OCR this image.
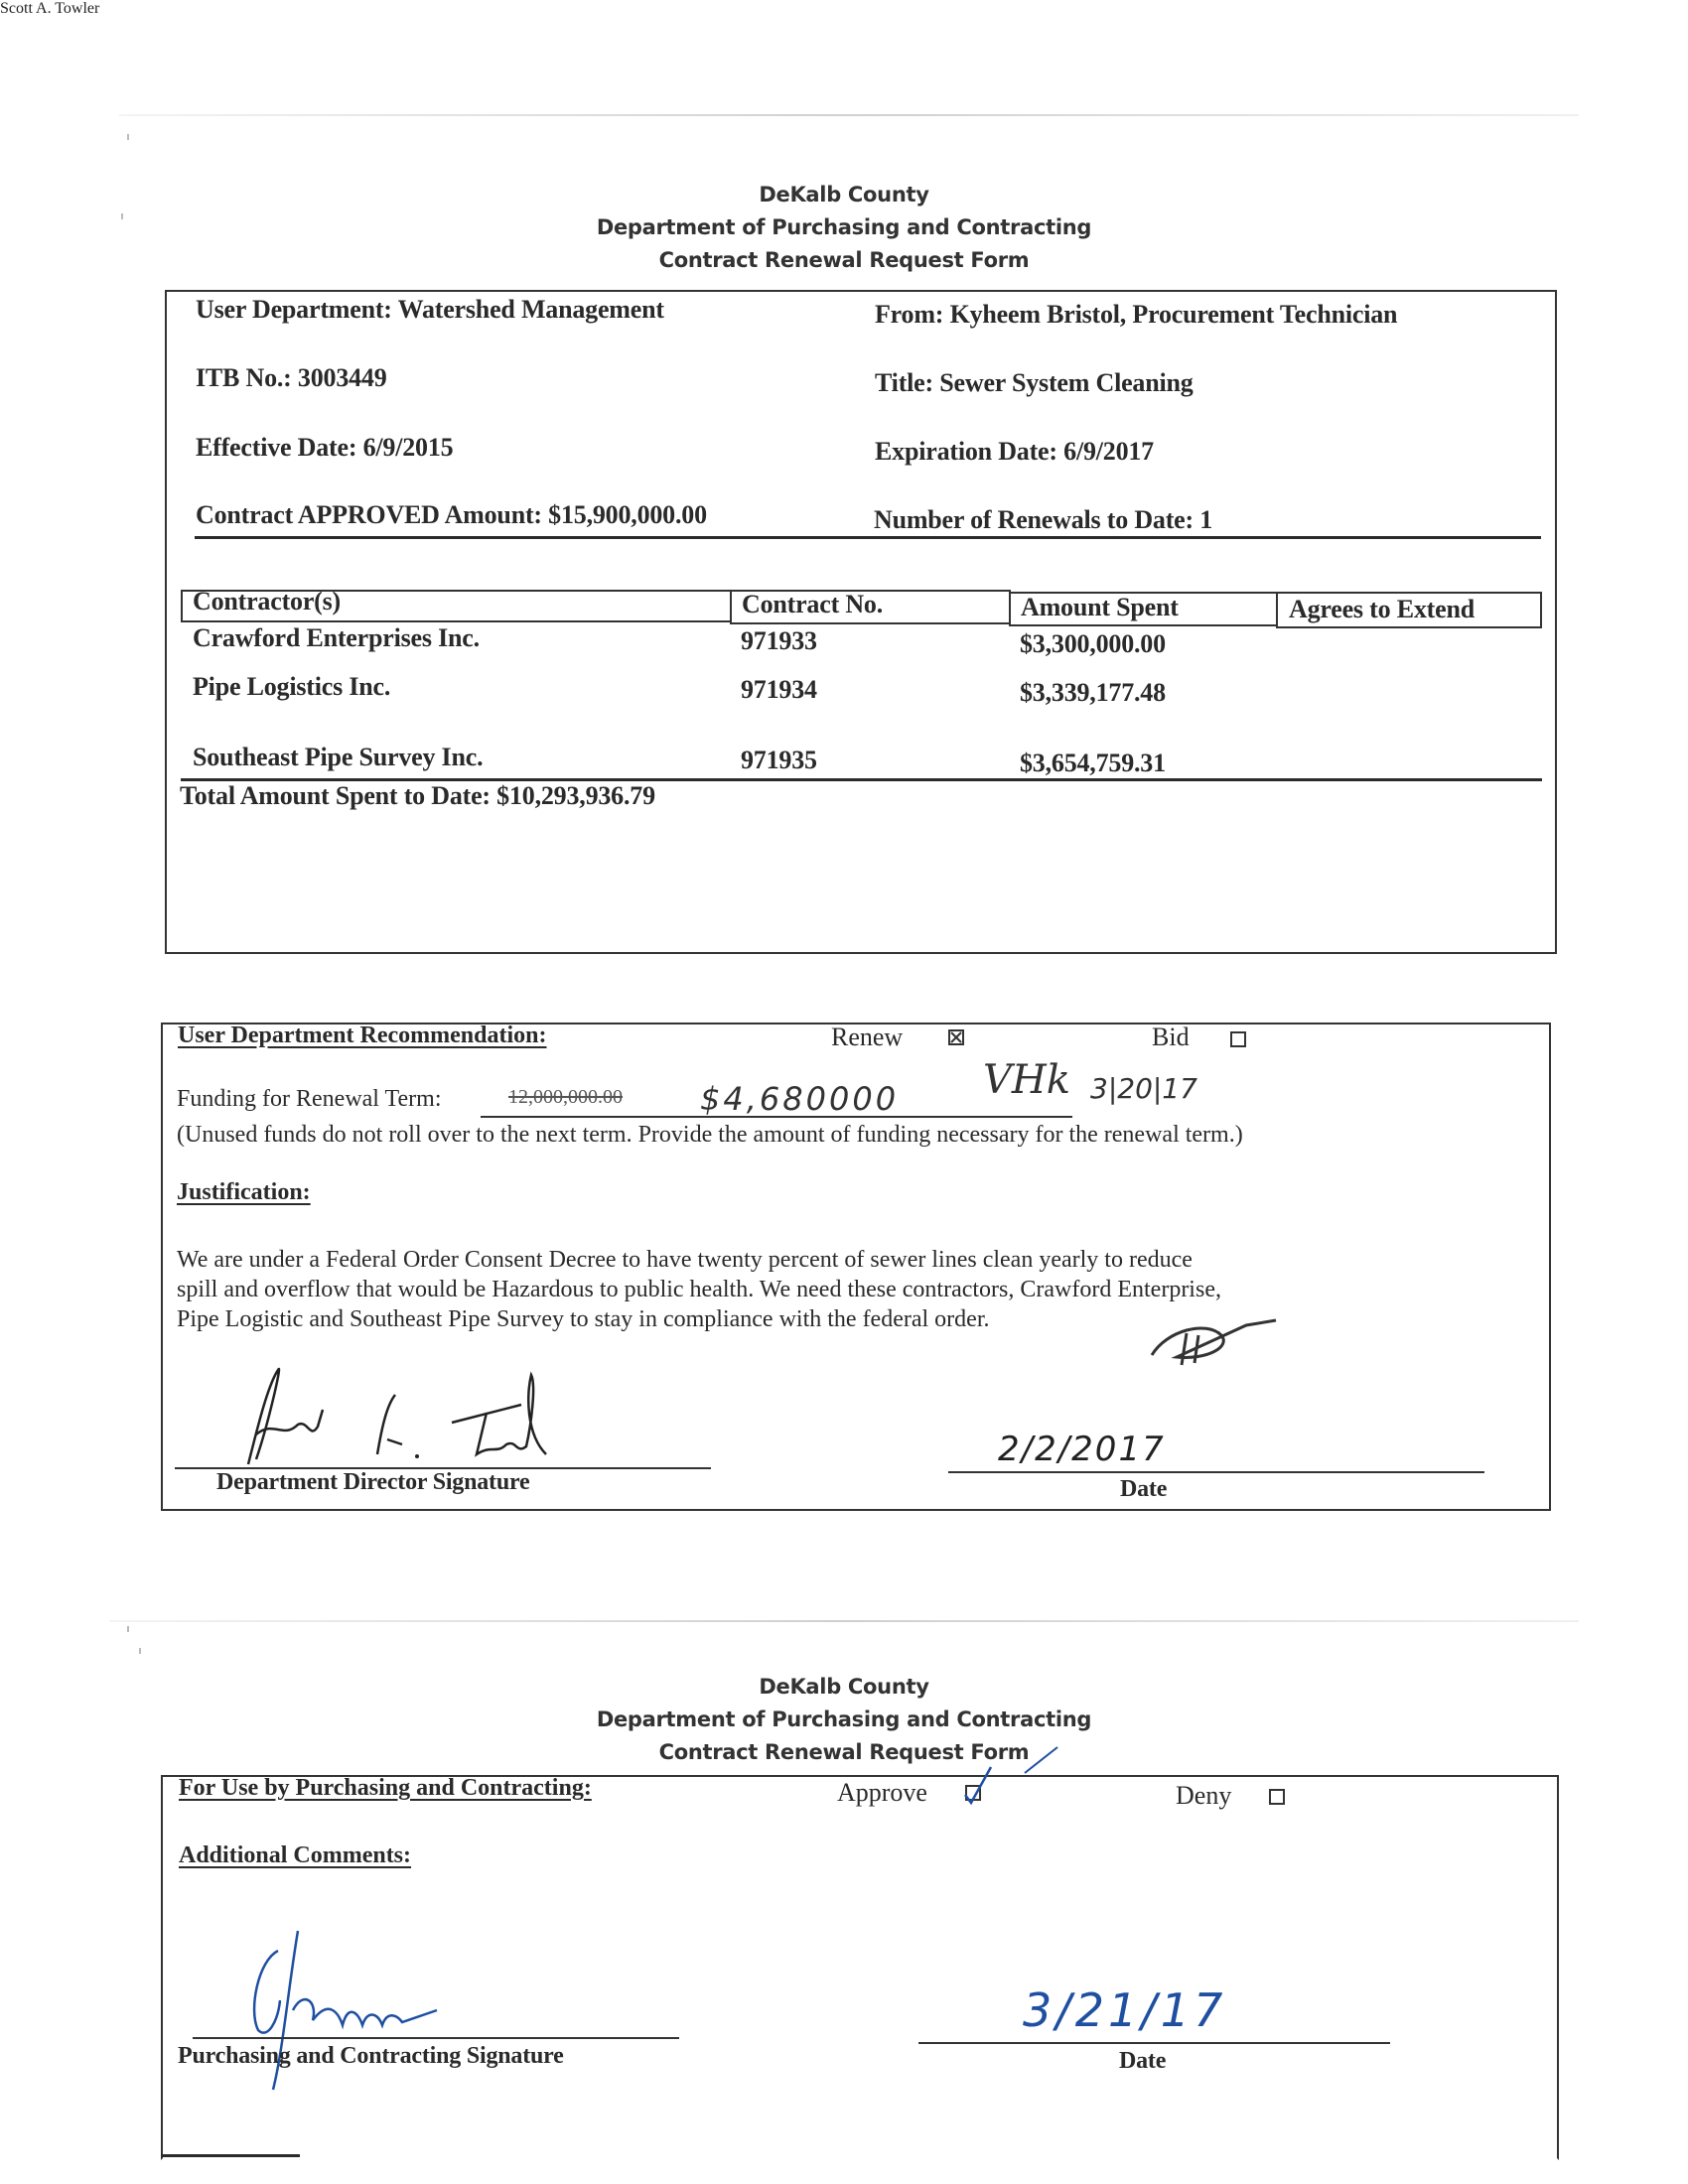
DeKalb County
Department of Purchasing and Contracting
Contract Renewal Request Form
User Department: Watershed Management	From: Kyheem Bristol, Procurement Technician
ITB No.: 3003449	Title: Sewer System Cleaning
Effective Date: 6/9/2015	Expiration Date: 6/9/2017
Contract APPROVED Amount: $15,900,000.00	Number of Renewals to Date: 1
Contractor(s)	Contract No.	Amount Spent	Agrees to Extend
Crawford Enterprises Inc.	971933	$3,300,000.00
Pipe Logistics Inc.	971934	$3,339,177.48
Southeast Pipe Survey Inc.	971935	$3,654,759.31
Total Amount Spent to Date: $10,293,936.79
User Department Recommendation:	Renew	Bid
Funding for Renewal Term:	12,000,000.00 $4,680000 VHk 3|20|17
(Unused funds do not roll over to the next term. Provide the amount of funding necessary for the renewal term.)
Justification:
We are under a Federal Order Consent Decree to have twenty percent of sewer lines clean yearly to reduce
spill and overflow that would be Hazardous to public health. We need these contractors, Crawford Enterprise,
Pipe Logistic and Southeast Pipe Survey to stay in compliance with the federal order.
Scott A. Towler
Department Director Signature
2/2/2017
Date
DeKalb County
Department of Purchasing and Contracting
Contract Renewal Request Form
For Use by Purchasing and Contracting:	Approve	Deny
Additional Comments:
Purchasing and Contracting Signature
3/21/17
Date
